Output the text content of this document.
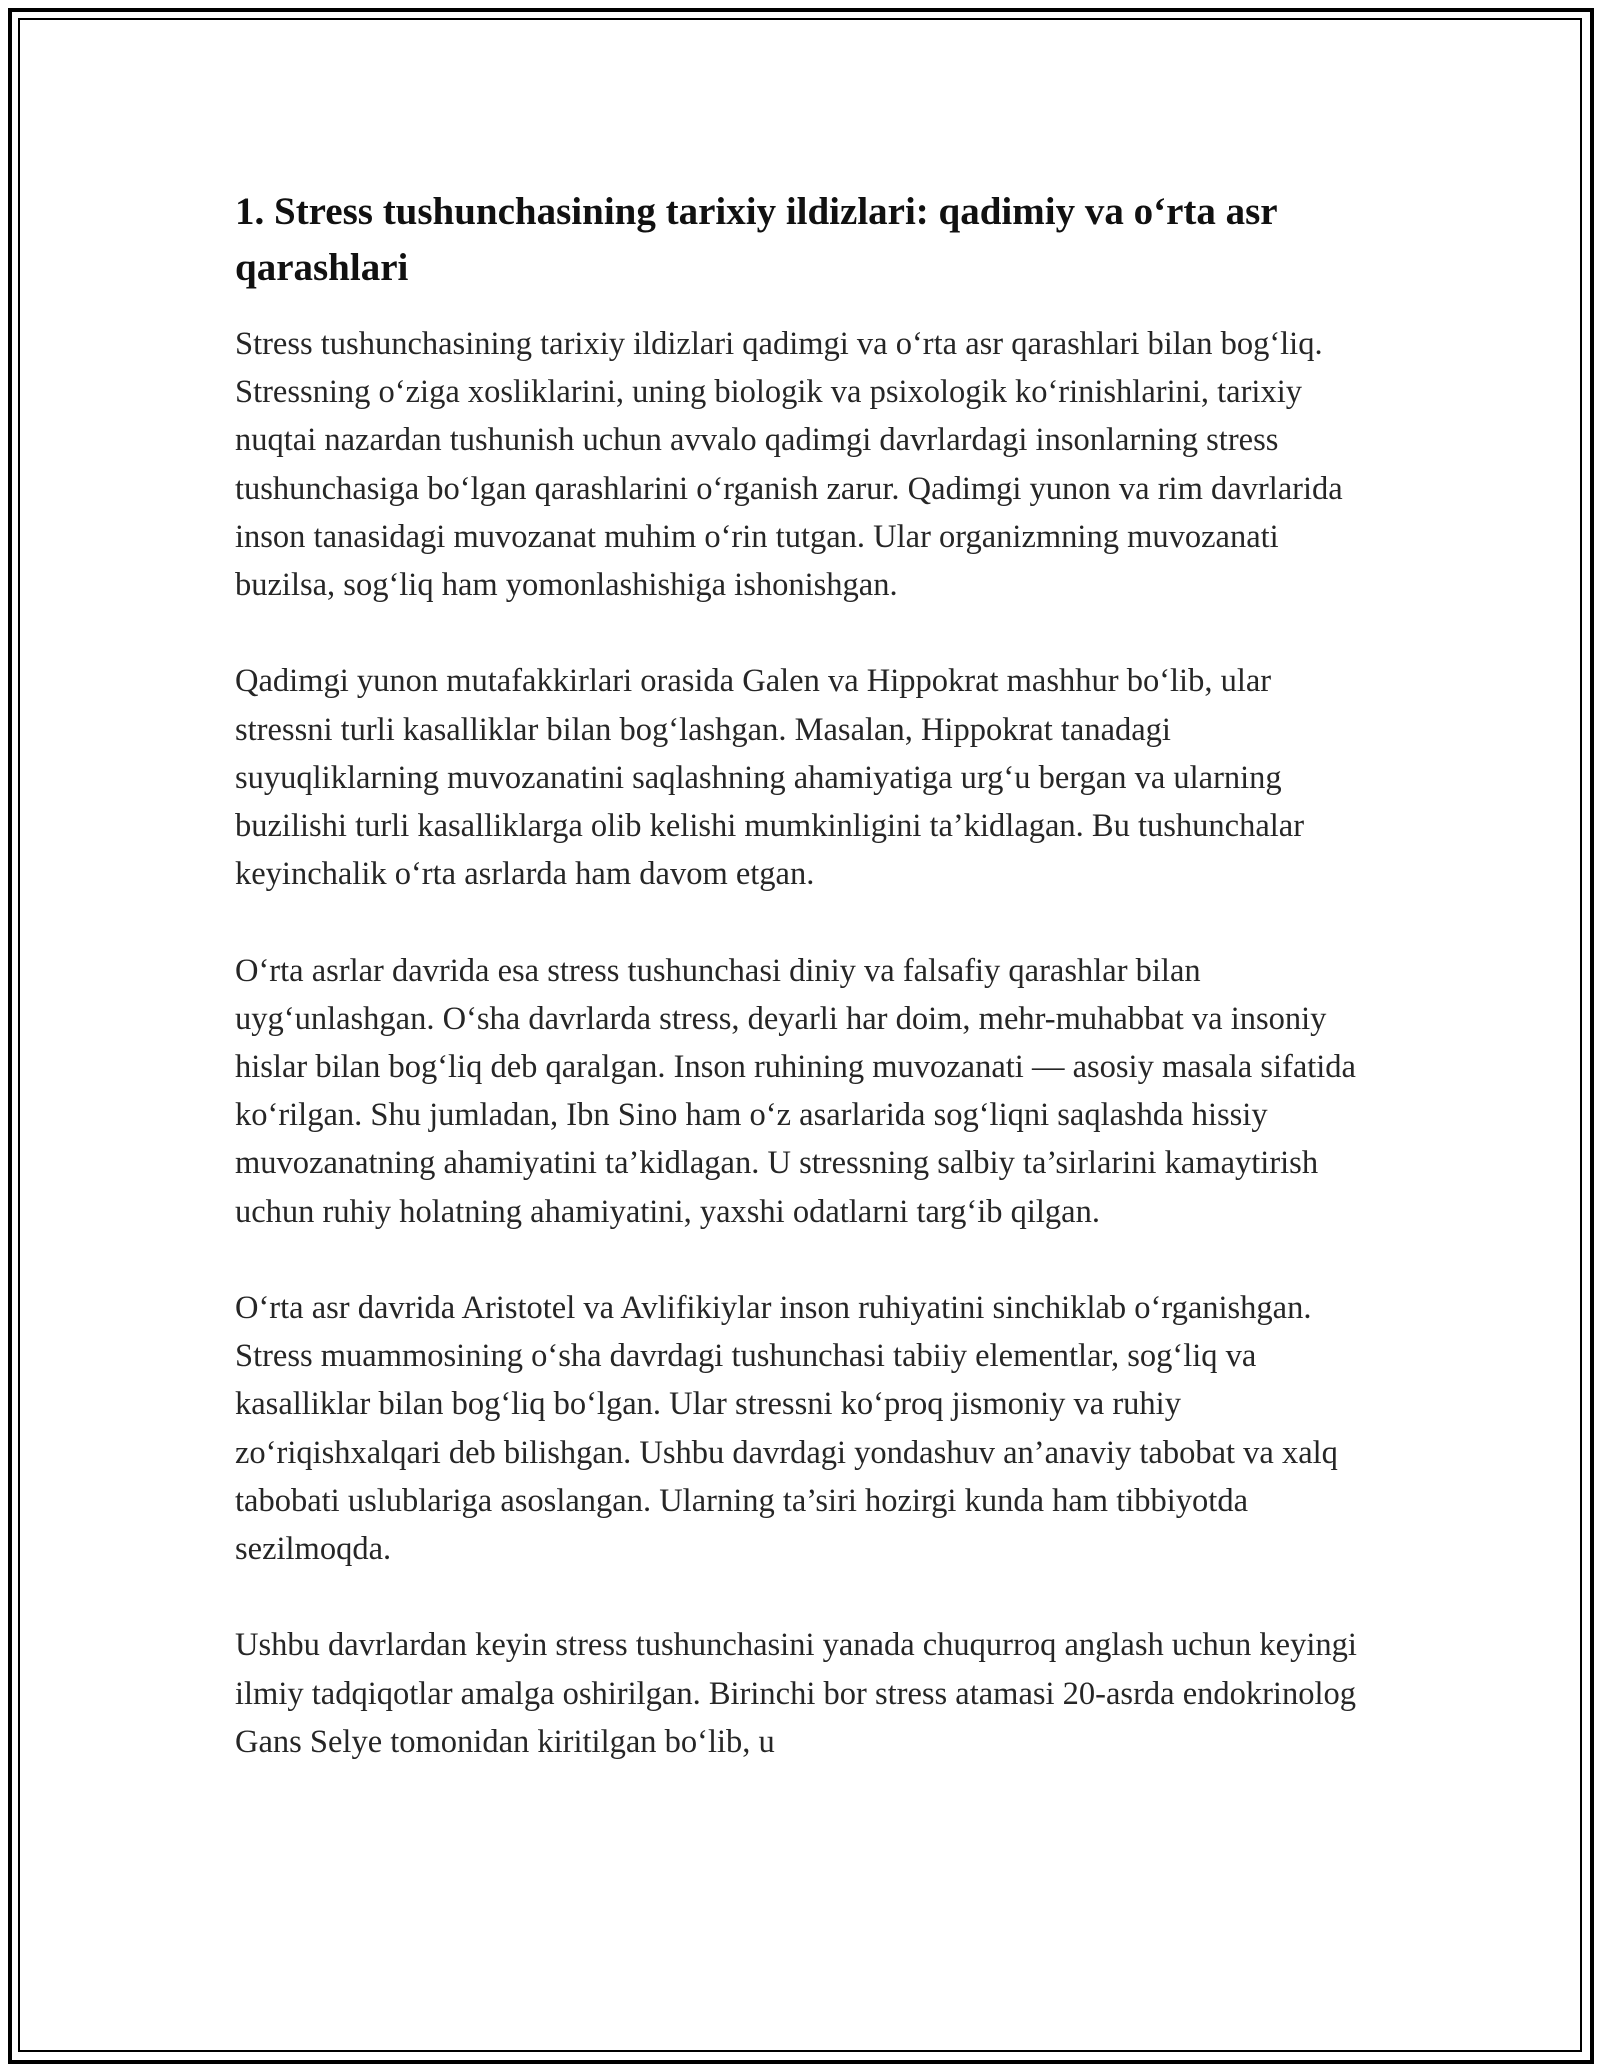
1. Stress tushunchasining tarixiy ildizlari: qadimiy va o‘rta asr qarashlari

Stress tushunchasining tarixiy ildizlari qadimgi va o‘rta asr qarashlari bilan bog‘liq. Stressning o‘ziga xosliklarini, uning biologik va psixologik ko‘rinishlarini, tarixiy nuqtai nazardan tushunish uchun avvalo qadimgi davrlardagi insonlarning stress tushunchasiga bo‘lgan qarashlarini o‘rganish zarur. Qadimgi yunon va rim davrlarida inson tanasidagi muvozanat muhim o‘rin tutgan. Ular organizmning muvozanati buzilsa, sog‘liq ham yomonlashishiga ishonishgan.

Qadimgi yunon mutafakkirlari orasida Galen va Hippokrat mashhur bo‘lib, ular stressni turli kasalliklar bilan bog‘lashgan. Masalan, Hippokrat tanadagi suyuqliklarning muvozanatini saqlashning ahamiyatiga urg‘u bergan va ularning buzilishi turli kasalliklarga olib kelishi mumkinligini ta’kidlagan. Bu tushunchalar keyinchalik o‘rta asrlarda ham davom etgan.

O‘rta asrlar davrida esa stress tushunchasi diniy va falsafiy qarashlar bilan uyg‘unlashgan. O‘sha davrlarda stress, deyarli har doim, mehr-muhabbat va insoniy hislar bilan bog‘liq deb qaralgan. Inson ruhining muvozanati — asosiy masala sifatida ko‘rilgan. Shu jumladan, Ibn Sino ham o‘z asarlarida sog‘liqni saqlashda hissiy muvozanatning ahamiyatini ta’kidlagan. U stressning salbiy ta’sirlarini kamaytirish uchun ruhiy holatning ahamiyatini, yaxshi odatlarni targ‘ib qilgan.

O‘rta asr davrida Aristotel va Avlifikiylar inson ruhiyatini sinchiklab o‘rganishgan. Stress muammosining o‘sha davrdagi tushunchasi tabiiy elementlar, sog‘liq va kasalliklar bilan bog‘liq bo‘lgan. Ular stressni ko‘proq jismoniy va ruhiy zo‘riqishxalqari deb bilishgan. Ushbu davrdagi yondashuv an’anaviy tabobat va xalq tabobati uslublariga asoslangan. Ularning ta’siri hozirgi kunda ham tibbiyotda sezilmoqda.

Ushbu davrlardan keyin stress tushunchasini yanada chuqurroq anglash uchun keyingi ilmiy tadqiqotlar amalga oshirilgan. Birinchi bor stress atamasi 20-asrda endokrinolog Gans Selye tomonidan kiritilgan bo‘lib, u
